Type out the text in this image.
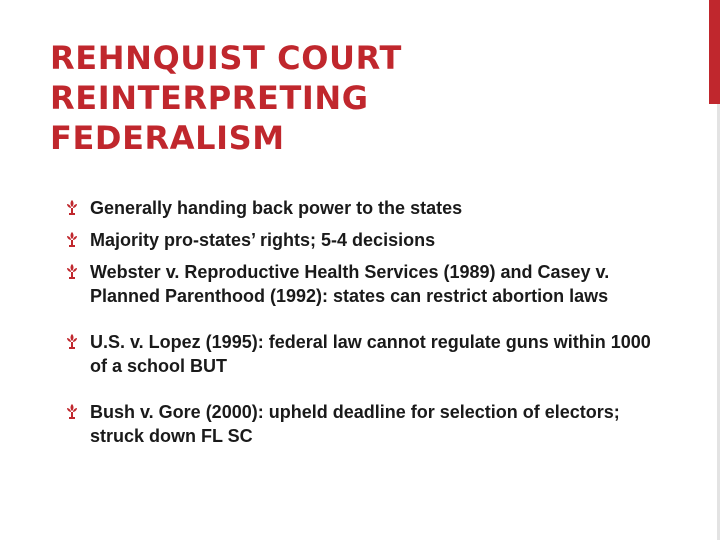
REHNQUIST COURT
REINTERPRETING
FEDERALISM
Generally handing back power to the states
Majority pro-states’ rights; 5-4 decisions
Webster v. Reproductive Health Services (1989) and Casey v. Planned Parenthood (1992): states can restrict abortion laws
U.S. v. Lopez (1995): federal law cannot regulate guns within 1000 of a school BUT
Bush v. Gore (2000): upheld deadline for selection of electors; struck down FL SC
